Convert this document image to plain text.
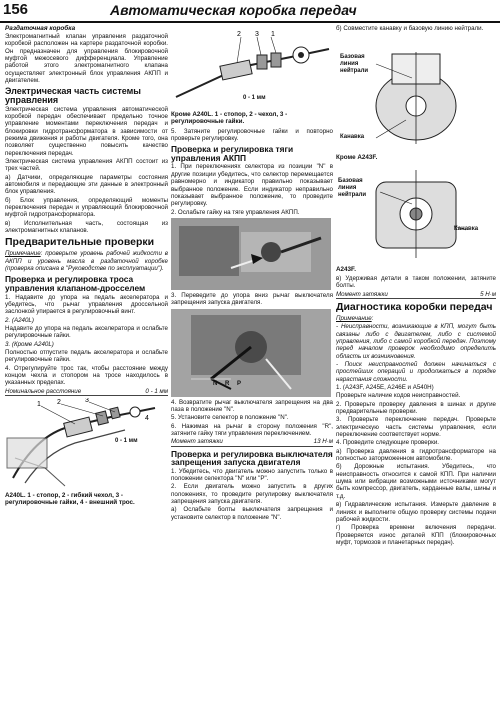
156	Автоматическая коробка передач
Раздаточная коробка

Электромагнитный клапан управления раздаточной коробкой расположен на картере раздаточной коробки. Он предназначен для управления блокировочной муфтой межосевого дифференциала. Управление работой этого электромагнитного клапана осуществляет электронный блок управления АКПП и двигателем.

Электрическая часть системы управления

Электрическая система управления автоматической коробкой передач обеспечивает предельно точное управление моментами переключения передач и блокировки гидротрансформатора в зависимости от режима движения и работы двигателя. Кроме того, она позволяет существенно повысить качество переключения передач.

Электрическая система управления АКПП состоит из трех частей.

а) Датчики, определяющие параметры состояния автомобиля и передающие эти данные в электронный блок управления.

б) Блок управления, определяющий моменты переключения передач и управляющий блокировочной муфтой гидротрансформатора.

в) Исполнительная часть, состоящая из электромагнитных клапанов.

Предварительные проверки

Примечание: проверьте уровень рабочей жидкости в АКПП и уровень масла в раздаточной коробке (проверка описана в "Руководстве по эксплуатации").

Проверка и регулировка троса управления клапаном-дросселем

1. Надавите до упора на педаль акселератора и убедитесь, что рычаг управления дроссельной заслонкой упирается в регулировочный винт.

2. (A240L)

Надавите до упора на педаль акселератора и ослабьте регулировочные гайки.

3. (Кроме A240L)

Полностью отпустите педаль акселератора и ослабьте регулировочные гайки.

4. Отрегулируйте трос так, чтобы расстояние между концом чехла и стопором на тросе находилось в указанных пределах.

Номинальное расстояние	0 - 1 мм
1 2	3
4
0 - 1 мм
A240L. 1 - стопор, 2 - гибкий чехол, 3 - регулировочные гайки, 4 - внешний трос.
2 3 1
0 - 1 мм
Кроме A240L. 1 - стопор, 2 - чехол, 3 - регулировочные гайки.

5. Затяните регулировочные гайки и повторно проверьте регулировку.

Проверка и регулировка тяги управления АКПП

1. При переключениях селектора из позиции "N" в другие позиции убедитесь, что селектор перемещается равномерно и индикатор правильно показывает выбранное положение. Если индикатор неправильно показывает выбранное положение, то проведите регулировку.

2. Ослабьте гайку на тяге управления АКПП.

3. Переведите до упора вниз рычаг выключателя запрещения запуска двигателя.

N R P

4. Возвратите рычаг выключателя запрещения на два паза в положение "N".

5. Установите селектор в положение "N".

6. Нажимая на рычаг в сторону положения "R", затяните гайку тяги управления переключением.

Момент затяжки	13 Н·м
Проверка и регулировка выключателя запрещения запуска двигателя

1. Убедитесь, что двигатель можно запустить только в положении селектора "N" или "P".

2. Если двигатель можно запустить в других положениях, то проведите регулировку выключателя запрещения запуска двигателя.

а) Ослабьте болты выключателя запрещения и установите селектор в положение "N".

б) Совместите канавку и базовую линию нейтрали.

Базовая линия нейтрали
Канавка
Кроме A243F.
Базовая линия нейтрали
Канавка
A243F.

в) Удерживая детали в таком положении, затяните болты.

Момент затяжки	5 Н·м
Диагностика коробки передач

Примечание:

- Неисправности, возникающие в КПП, могут быть связаны либо с двигателем, либо с системой управления, либо с самой коробкой передач. Поэтому перед началом проверок необходимо определить область их возникновения.

- Поиск неисправностей должен начинаться с простейших операций и продолжаться в порядке нарастания сложности.

1. (A243F, A245E, A246E и A540H)

Проверьте наличие кодов неисправностей.

2. Проверьте проверку давления в шинах и другие предварительные проверки.

3. Проверьте переключение передач. Проверьте электрическую часть системы управления, если переключение соответствует норме.

4. Проведите следующие проверки.

а) Проверка давления в гидротрансформаторе на полностью заторможенном автомобиле.

б) Дорожные испытания. Убедитесь, что неисправность относится к самой КПП. При наличии шума или вибрации возможными источниками могут быть компрессор, двигатель, карданные валы, шины и т.д.

в) Гидравлические испытания. Измерьте давление в линиях и выполните общую проверку системы подачи рабочей жидкости.

г) Проверка времени включения передачи. Проверяется износ деталей КПП (блокировочных муфт, тормозов и планетарных передач).
